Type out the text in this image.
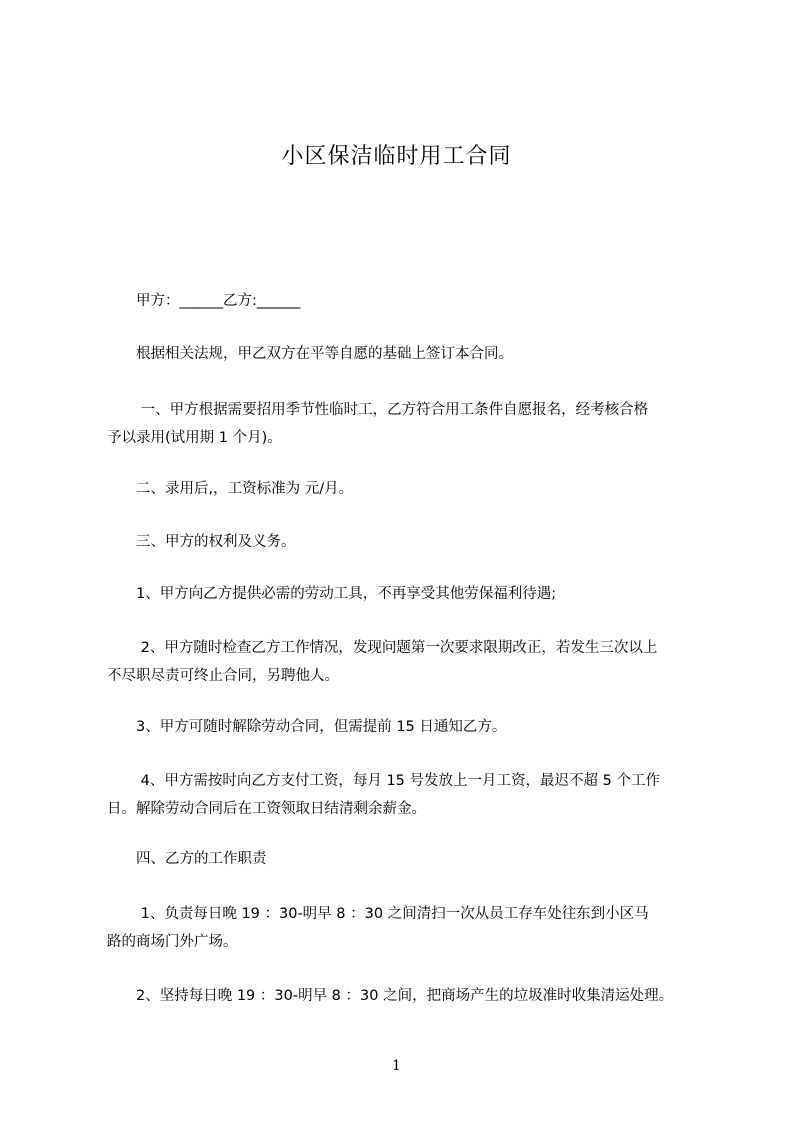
小区保洁临时用工合同
　　甲方：______乙方:______
　　根据相关法规，甲乙双方在平等自愿的基础上签订本合同。
　　 一、甲方根据需要招用季节性临时工，乙方符合用工条件自愿报名，经考核合格
予以录用(试用期 1 个月)。
　　二、录用后,，工资标准为 元/月。
　　三、甲方的权利及义务。
　　1、甲方向乙方提供必需的劳动工具，不再享受其他劳保福利待遇;
　　 2、甲方随时检查乙方工作情况，发现问题第一次要求限期改正，若发生三次以上
不尽职尽责可终止合同，另聘他人。
　　3、甲方可随时解除劳动合同，但需提前 15 日通知乙方。
　　 4、甲方需按时向乙方支付工资，每月 15 号发放上一月工资，最迟不超 5 个工作
日。解除劳动合同后在工资领取日结清剩余薪金。
　　四、乙方的工作职责
　　 1、负责每日晚 19 ：30-明早 8 ：30 之间清扫一次从员工存车处往东到小区马
路的商场门外广场。
　　2、坚持每日晚 19 ：30-明早 8 ：30 之间，把商场产生的垃圾准时收集清运处理。
1
